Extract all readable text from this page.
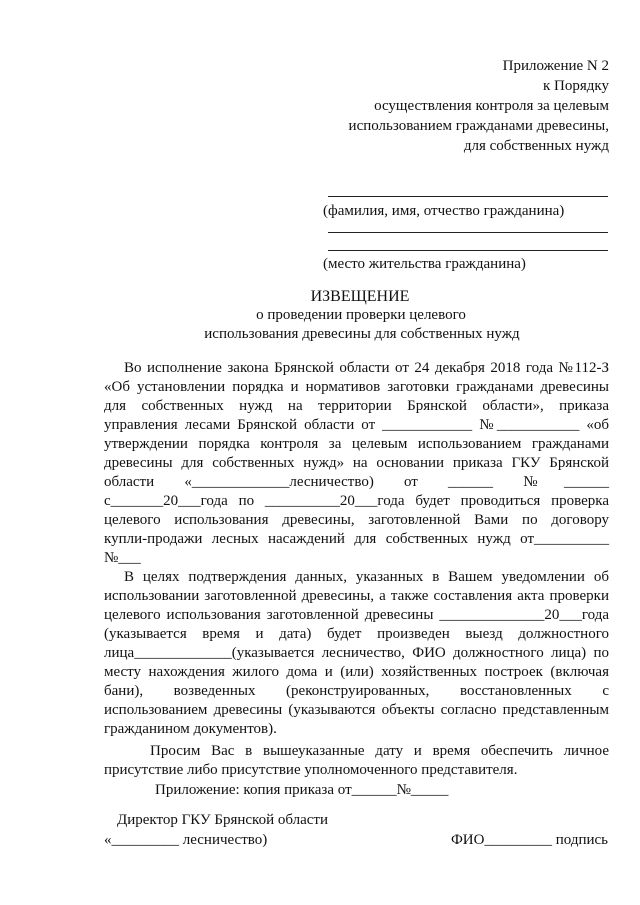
Приложение N 2
к Порядку
осуществления контроля за целевым
использованием гражданами древесины,
для собственных нужд
(фамилия, имя, отчество гражданина)
(место жительства гражданина)
ИЗВЕЩЕНИЕ
о проведении проверки целевого
использования древесины для собственных нужд
Во исполнение закона Брянской области от 24 декабря 2018 года №112-З
«Об установлении порядка и нормативов заготовки гражданами древесины
для собственных нужд на территории Брянской области», приказа
управления лесами Брянской области от ____________ №___________ «об
утверждении порядка контроля за целевым использованием гражданами
древесины для собственных нужд» на основании приказа ГКУ Брянской
области «_____________лесничество) от ______ №______
с_______20___года по __________20___года будет проводиться проверка
целевого использования древесины, заготовленной Вами по договору
купли-продажи лесных насаждений для собственных нужд от__________
№___
В целях подтверждения данных, указанных в Вашем уведомлении об
использовании заготовленной древесины, а также составления акта проверки
целевого использования заготовленной древесины ______________20___года
(указывается время и дата) будет произведен выезд должностного
лица_____________(указывается лесничество, ФИО должностного лица) по
месту нахождения жилого дома и (или) хозяйственных построек (включая
бани), возведенных (реконструированных, восстановленных с
использованием древесины (указываются объекты согласно представленным
гражданином документов).
Просим Вас в вышеуказанные дату и время обеспечить личное
присутствие либо присутствие уполномоченного представителя.
Приложение: копия приказа от______№_____
Директор ГКУ Брянской области
«_________ лесничество)	ФИО_________ подпись
